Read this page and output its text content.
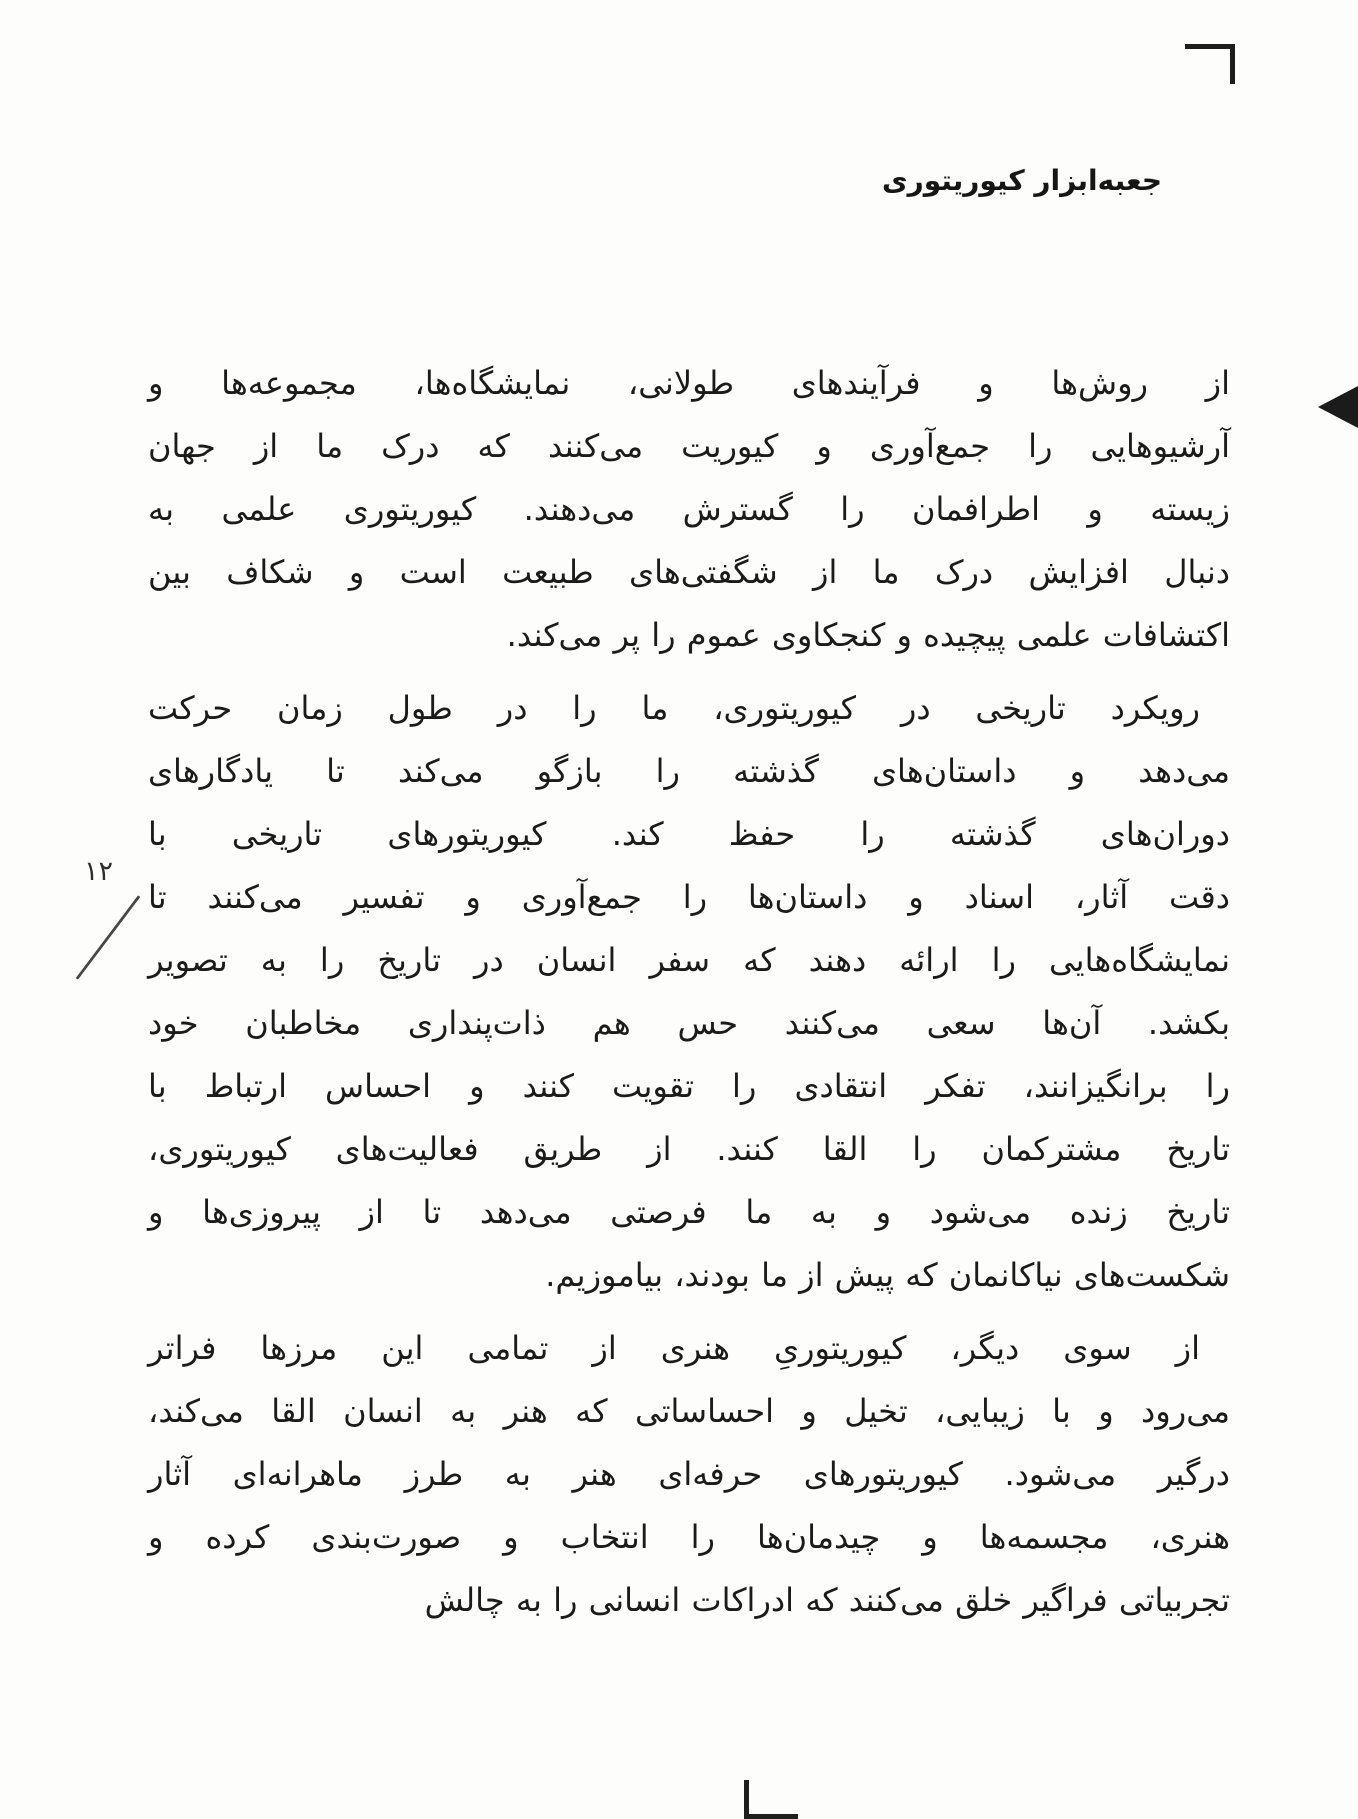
جعبه‌ابزار کیوریتوری
از روش‌ها و فرآیندهای طولانی، نمایشگاه‌ها، مجموعه‌ها و
آرشیوهایی را جمع‌آوری و کیوریت می‌کنند که درک ما از جهان
زیسته و اطرافمان را گسترش می‌دهند. کیوریتوری علمی به
دنبال افزایش درک ما از شگفتی‌های طبیعت است و شکاف بین
اکتشافات علمی پیچیده و کنجکاوی عموم را پر می‌کند.
رویکرد تاریخی در کیوریتوری، ما را در طول زمان حرکت
می‌دهد و داستان‌های گذشته را بازگو می‌کند تا یادگارهای
دوران‌های گذشته را حفظ کند. کیوریتورهای تاریخی با
دقت آثار، اسناد و داستان‌ها را جمع‌آوری و تفسیر می‌کنند تا
نمایشگاه‌هایی را ارائه دهند که سفر انسان در تاریخ را به تصویر
بکشد. آن‌ها سعی می‌کنند حس هم ذات‌پنداری مخاطبان خود
را برانگیزانند، تفکر انتقادی را تقویت کنند و احساس ارتباط با
تاریخ مشترکمان را القا کنند. از طریق فعالیت‌های کیوریتوری،
تاریخ زنده می‌شود و به ما فرصتی می‌دهد تا از پیروزی‌ها و
شکست‌های نیاکانمان که پیش از ما بودند، بیاموزیم.
از سوی دیگر، کیوریتوریِ هنری از تمامی این مرزها فراتر
می‌رود و با زیبایی، تخیل و احساساتی که هنر به انسان القا می‌کند،
درگیر می‌شود. کیوریتورهای حرفه‌ای هنر به طرز ماهرانه‌ای آثار
هنری، مجسمه‌ها و چیدمان‌ها را انتخاب و صورت‌بندی کرده و
تجربیاتی فراگیر خلق می‌کنند که ادراکات انسانی را به چالش
۱۲
